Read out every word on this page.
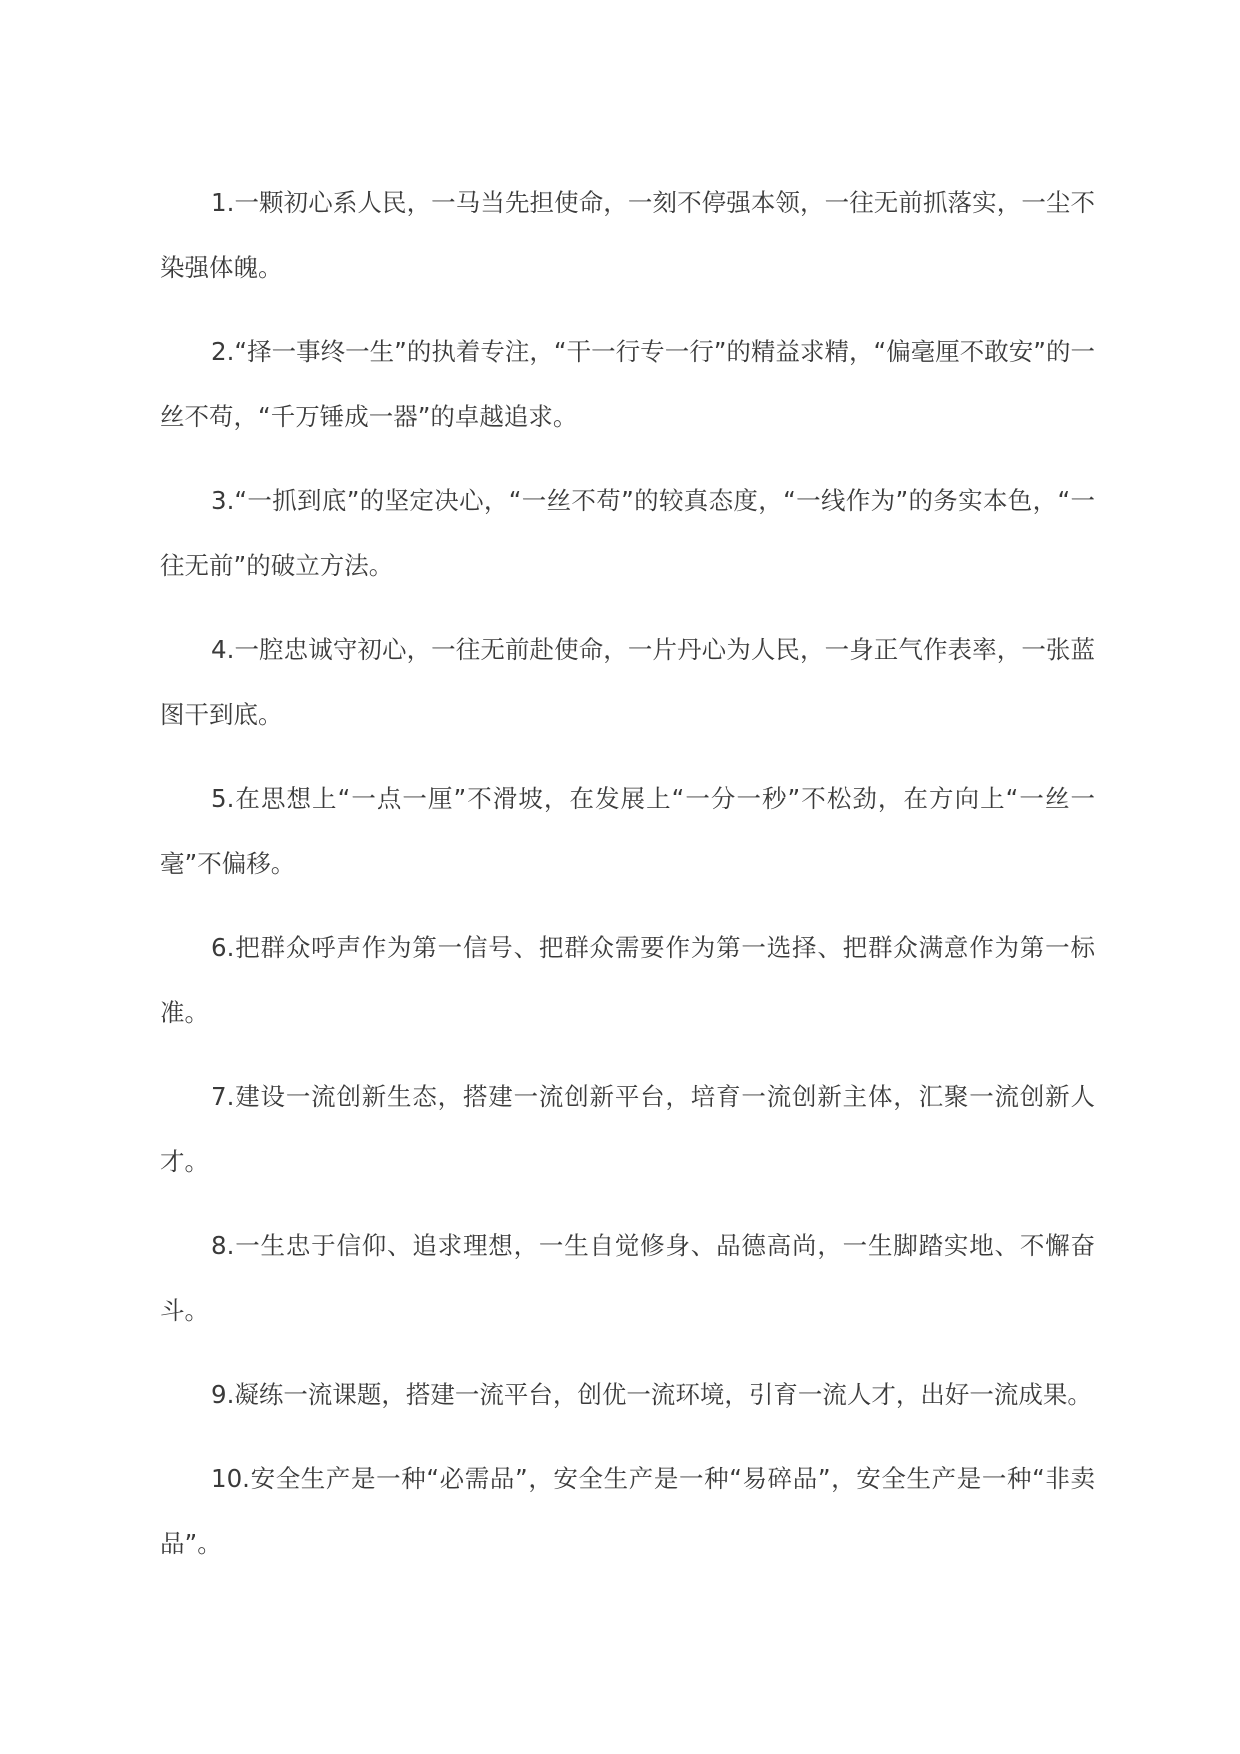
1.一颗初心系人民，一马当先担使命，一刻不停强本领，一往无前抓落实，一尘不染强体魄。

2.“择一事终一生”的执着专注，“干一行专一行”的精益求精，“偏毫厘不敢安”的一丝不苟，“千万锤成一器”的卓越追求。

3.“一抓到底”的坚定决心，“一丝不苟”的较真态度，“一线作为”的务实本色，“一往无前”的破立方法。

4.一腔忠诚守初心，一往无前赴使命，一片丹心为人民，一身正气作表率，一张蓝图干到底。

5.在思想上“一点一厘”不滑坡，在发展上“一分一秒”不松劲，在方向上“一丝一毫”不偏移。

6.把群众呼声作为第一信号、把群众需要作为第一选择、把群众满意作为第一标准。

7.建设一流创新生态，搭建一流创新平台，培育一流创新主体，汇聚一流创新人才。

8.一生忠于信仰、追求理想，一生自觉修身、品德高尚，一生脚踏实地、不懈奋斗。

9.凝练一流课题，搭建一流平台，创优一流环境，引育一流人才，出好一流成果。

10.安全生产是一种“必需品”，安全生产是一种“易碎品”，安全生产是一种“非卖品”。
